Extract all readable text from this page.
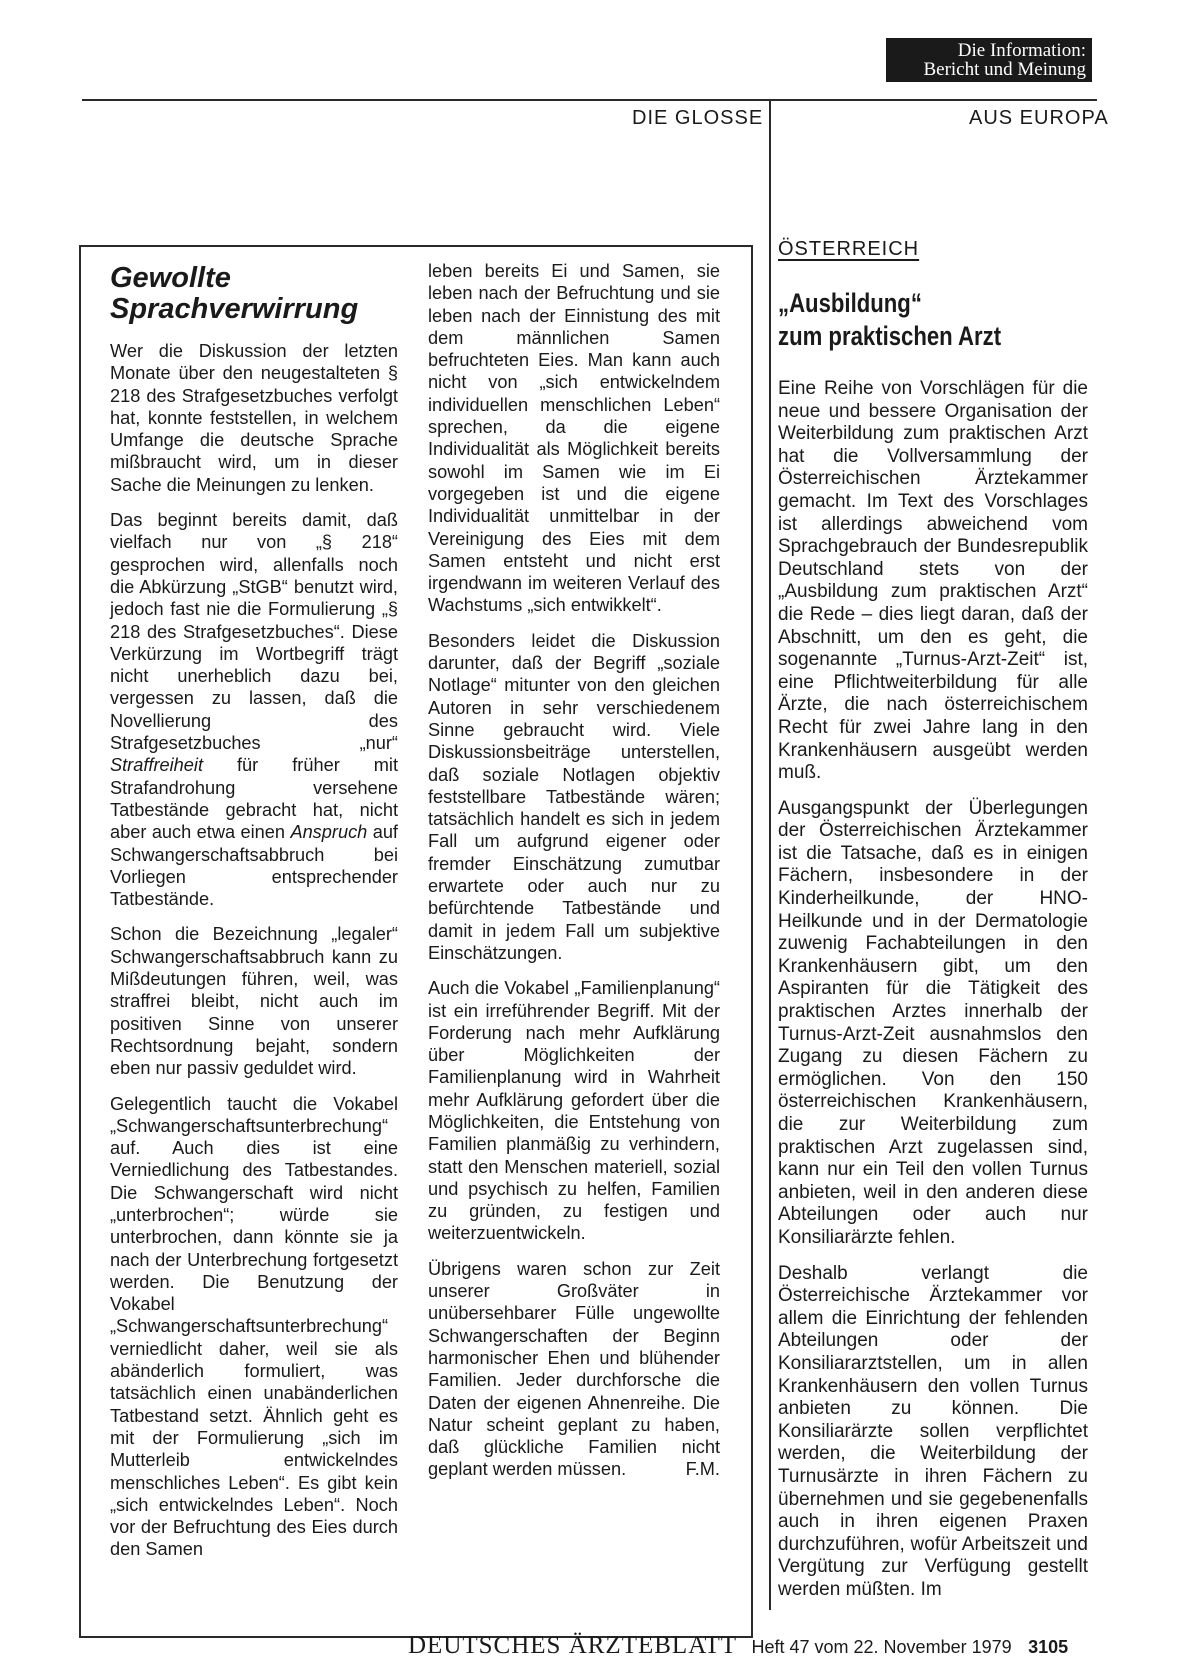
Die Information:
Bericht und Meinung
DIE GLOSSE	AUS EUROPA
Gewollte Sprachverwirrung

Wer die Diskussion der letzten Monate über den neugestalteten § 218 des Strafgesetzbuches verfolgt hat, konnte feststellen, in welchem Umfange die deutsche Sprache mißbraucht wird, um in dieser Sache die Meinungen zu lenken.

Das beginnt bereits damit, daß vielfach nur von „§ 218“ gesprochen wird, allenfalls noch die Abkürzung „StGB“ benutzt wird, jedoch fast nie die Formulierung „§ 218 des Strafgesetzbuches“. Diese Verkürzung im Wortbegriff trägt nicht unerheblich dazu bei, vergessen zu lassen, daß die Novellierung des Strafgesetzbuches „nur“ Straffreiheit für früher mit Strafandrohung versehene Tatbestände gebracht hat, nicht aber auch etwa einen Anspruch auf Schwangerschaftsabbruch bei Vorliegen entsprechender Tatbestände.

Schon die Bezeichnung „legaler“ Schwangerschaftsabbruch kann zu Mißdeutungen führen, weil, was straffrei bleibt, nicht auch im positiven Sinne von unserer Rechtsordnung bejaht, sondern eben nur passiv geduldet wird.

Gelegentlich taucht die Vokabel „Schwangerschaftsunterbrechung“ auf. Auch dies ist eine Verniedlichung des Tatbestandes. Die Schwangerschaft wird nicht „unterbrochen“; würde sie unterbrochen, dann könnte sie ja nach der Unterbrechung fortgesetzt werden. Die Benutzung der Vokabel „Schwangerschaftsunterbrechung“ verniedlicht daher, weil sie als abänderlich formuliert, was tatsächlich einen unabänderlichen Tatbestand setzt. Ähnlich geht es mit der Formulierung „sich im Mutterleib entwickelndes menschliches Leben“. Es gibt kein „sich entwickelndes Leben“. Noch vor der Befruchtung des Eies durch den Samen

leben bereits Ei und Samen, sie leben nach der Befruchtung und sie leben nach der Einnistung des mit dem männlichen Samen befruchteten Eies. Man kann auch nicht von „sich entwickelndem individuellen menschlichen Leben“ sprechen, da die eigene Individualität als Möglichkeit bereits sowohl im Samen wie im Ei vorgegeben ist und die eigene Individualität unmittelbar in der Vereinigung des Eies mit dem Samen entsteht und nicht erst irgendwann im weiteren Verlauf des Wachstums „sich entwikkelt“.

Besonders leidet die Diskussion darunter, daß der Begriff „soziale Notlage“ mitunter von den gleichen Autoren in sehr verschiedenem Sinne gebraucht wird. Viele Diskussionsbeiträge unterstellen, daß soziale Notlagen objektiv feststellbare Tatbestände wären; tatsächlich handelt es sich in jedem Fall um aufgrund eigener oder fremder Einschätzung zumutbar erwartete oder auch nur zu befürchtende Tatbestände und damit in jedem Fall um subjektive Einschätzungen.

Auch die Vokabel „Familienplanung“ ist ein irreführender Begriff. Mit der Forderung nach mehr Aufklärung über Möglichkeiten der Familienplanung wird in Wahrheit mehr Aufklärung gefordert über die Möglichkeiten, die Entstehung von Familien planmäßig zu verhindern, statt den Menschen materiell, sozial und psychisch zu helfen, Familien zu gründen, zu festigen und weiterzuentwickeln.

Übrigens waren schon zur Zeit unserer Großväter in unübersehbarer Fülle ungewollte Schwangerschaften der Beginn harmonischer Ehen und blühender Familien. Jeder durchforsche die Daten der eigenen Ahnenreihe. Die Natur scheint geplant zu haben, daß glückliche Familien nicht geplant werden müssen.	F.M.

ÖSTERREICH
„Ausbildung“
zum praktischen Arzt

Eine Reihe von Vorschlägen für die neue und bessere Organisation der Weiterbildung zum praktischen Arzt hat die Vollversammlung der Österreichischen Ärztekammer gemacht. Im Text des Vorschlages ist allerdings abweichend vom Sprachgebrauch der Bundesrepublik Deutschland stets von der „Ausbildung zum praktischen Arzt“ die Rede – dies liegt daran, daß der Abschnitt, um den es geht, die sogenannte „Turnus-Arzt-Zeit“ ist, eine Pflichtweiterbildung für alle Ärzte, die nach österreichischem Recht für zwei Jahre lang in den Krankenhäusern ausgeübt werden muß.

Ausgangspunkt der Überlegungen der Österreichischen Ärztekammer ist die Tatsache, daß es in einigen Fächern, insbesondere in der Kinderheilkunde, der HNO-Heilkunde und in der Dermatologie zuwenig Fachabteilungen in den Krankenhäusern gibt, um den Aspiranten für die Tätigkeit des praktischen Arztes innerhalb der Turnus-Arzt-Zeit ausnahmslos den Zugang zu diesen Fächern zu ermöglichen. Von den 150 österreichischen Krankenhäusern, die zur Weiterbildung zum praktischen Arzt zugelassen sind, kann nur ein Teil den vollen Turnus anbieten, weil in den anderen diese Abteilungen oder auch nur Konsiliarärzte fehlen.

Deshalb verlangt die Österreichische Ärztekammer vor allem die Einrichtung der fehlenden Abteilungen oder der Konsiliararztstellen, um in allen Krankenhäusern den vollen Turnus anbieten zu können. Die Konsiliarärzte sollen verpflichtet werden, die Weiterbildung der Turnusärzte in ihren Fächern zu übernehmen und sie gegebenenfalls auch in ihren eigenen Praxen durchzuführen, wofür Arbeitszeit und Vergütung zur Verfügung gestellt werden müßten. Im

DEUTSCHES ÄRZTEBLATT Heft 47 vom 22. November 1979 3105
